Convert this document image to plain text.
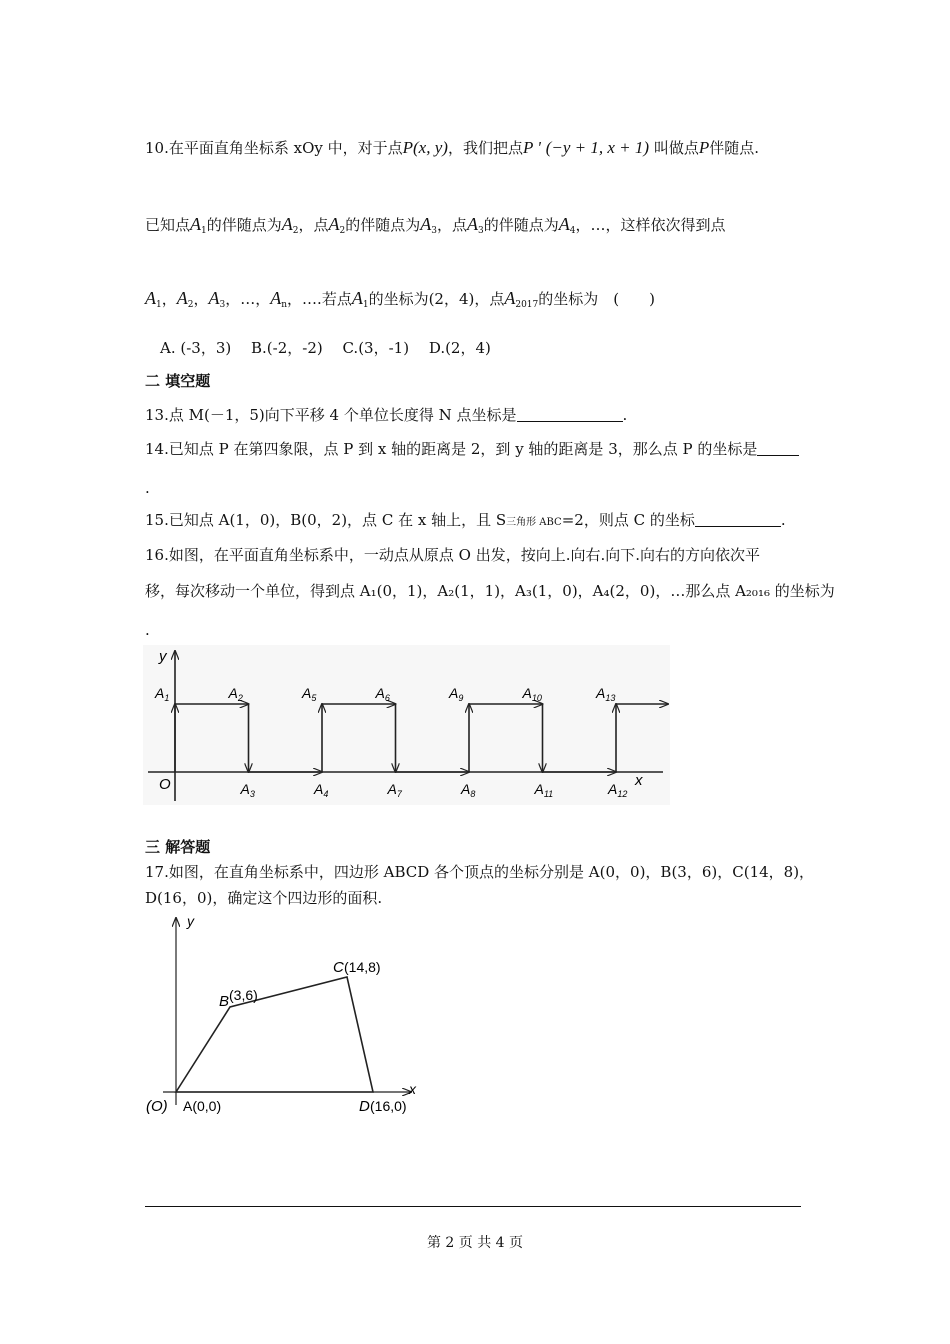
10.在平面直角坐标系 xOy 中，对于点P(x, y)，我们把点P ' (−y + 1, x + 1) 叫做点P伴随点.
已知点$A_1$的伴随点为$A_2$，点$A_2$的伴随点为$A_3$，点$A_3$的伴随点为$A_4$，…，这样依次得到点
$A_1$，$A_2$，$A_3$，…，$A_n$，….若点$A_1$的坐标为(2，4)，点$A_{2017}$的坐标为　(　　)
A. (-3，3)　 B.(-2，-2)　 C.(3，-1)　 D.(2，4)
二 填空题
13.点 M(－1，5)向下平移 4 个单位长度得 N 点坐标是	.
14.已知点 P 在第四象限，点 P 到 x 轴的距离是 2，到 y 轴的距离是 3，那么点 P 的坐标是
.
15.已知点 A(1，0)，B(0，2)，点 C 在 x 轴上，且 S三角形 ABC=2，则点 C 的坐标	.
16.如图，在平面直角坐标系中，一动点从原点 O 出发，按向上.向右.向下.向右的方向依次平
移，每次移动一个单位，得到点 A₁(0，1)，A₂(1，1)，A₃(1，0)，A₄(2，0)，…那么点 A₂₀₁₆ 的坐标为
.
y
x
O
$A_1$	$A_2$
$A_3$	$A_4$
$A_5$	$A_6$
$A_7$	$A_8$
$A_9$	$A_{10}$
$A_{11}$	$A_{12}$
$A_{13}$
三 解答题
17.如图，在直角坐标系中，四边形 ABCD 各个顶点的坐标分别是 A(0，0)，B(3，6)，C(14，8)，
D(16，0)，确定这个四边形的面积.
y
x
(O) A(0,0)
B (3,6)
C (14,8)
D (16,0)
第 2 页 共 4 页
